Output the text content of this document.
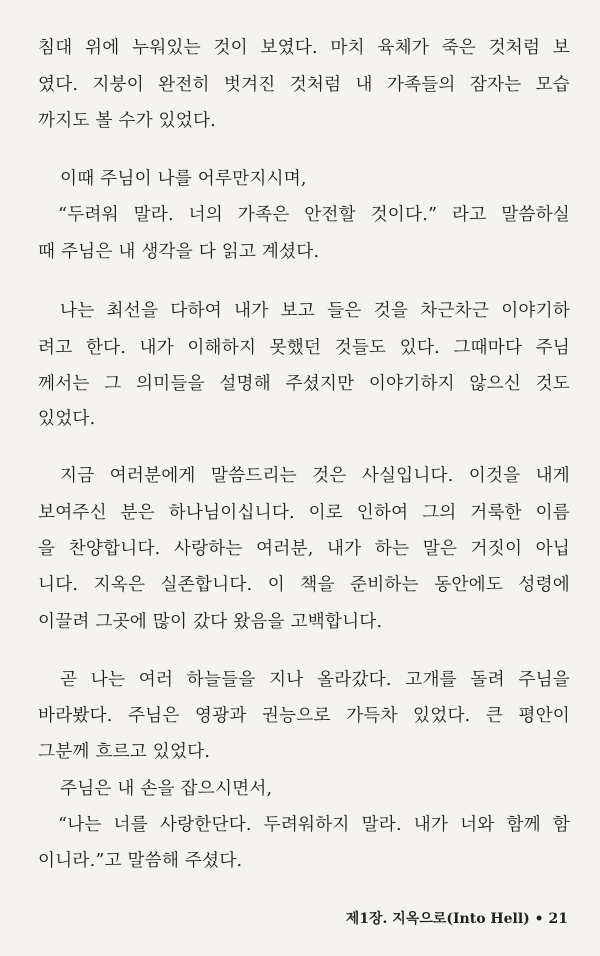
침대 위에 누워있는 것이 보였다. 마치 육체가 죽은 것처럼 보
였다. 지붕이 완전히 벗겨진 것처럼 내 가족들의 잠자는 모습
까지도 볼 수가 있었다.
이때 주님이 나를 어루만지시며,
“두려워 말라. 너의 가족은 안전할 것이다.” 라고 말씀하실
때 주님은 내 생각을 다 읽고 계셨다.
나는 최선을 다하여 내가 보고 들은 것을 차근차근 이야기하
려고 한다. 내가 이해하지 못했던 것들도 있다. 그때마다 주님
께서는 그 의미들을 설명해 주셨지만 이야기하지 않으신 것도
있었다.
지금 여러분에게 말씀드리는 것은 사실입니다. 이것을 내게
보여주신 분은 하나님이십니다. 이로 인하여 그의 거룩한 이름
을 찬양합니다. 사랑하는 여러분, 내가 하는 말은 거짓이 아닙
니다. 지옥은 실존합니다. 이 책을 준비하는 동안에도 성령에
이끌려 그곳에 많이 갔다 왔음을 고백합니다.
곧 나는 여러 하늘들을 지나 올라갔다. 고개를 돌려 주님을
바라봤다. 주님은 영광과 권능으로 가득차 있었다. 큰 평안이
그분께 흐르고 있었다.
주님은 내 손을 잡으시면서,
“나는 너를 사랑한단다. 두려워하지 말라. 내가 너와 함께 함
이니라.”고 말씀해 주셨다.
제1장. 지옥으로(Into Hell) • 21
